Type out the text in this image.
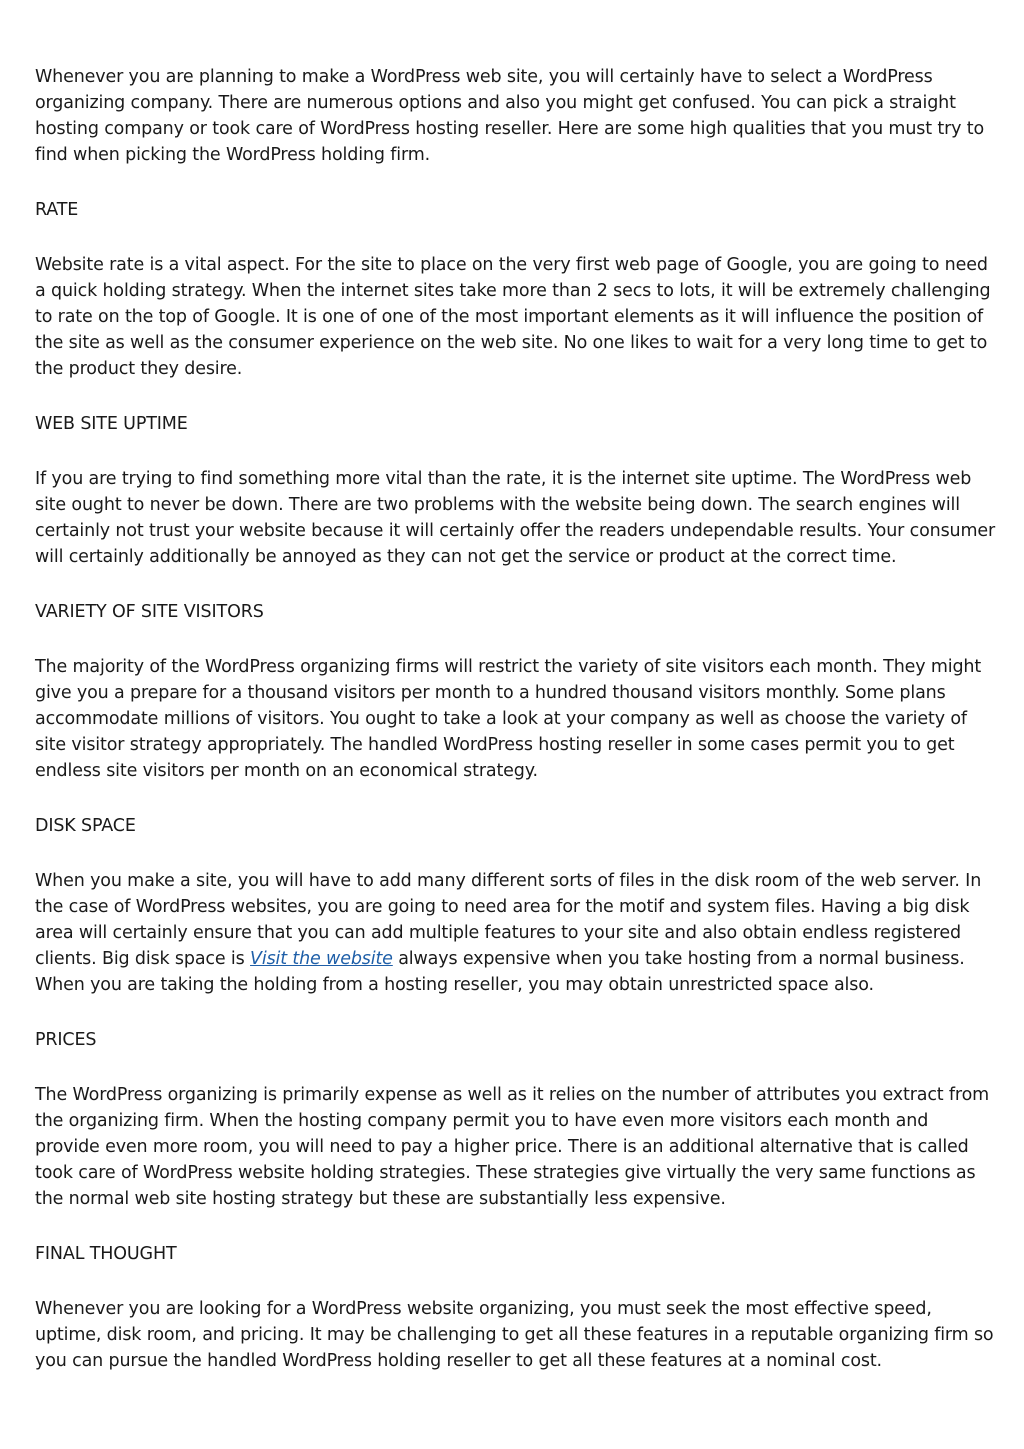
Whenever you are planning to make a WordPress web site, you will certainly have to select a WordPress organizing company. There are numerous options and also you might get confused. You can pick a straight hosting company or took care of WordPress hosting reseller. Here are some high qualities that you must try to find when picking the WordPress holding firm.

RATE

Website rate is a vital aspect. For the site to place on the very first web page of Google, you are going to need a quick holding strategy. When the internet sites take more than 2 secs to lots, it will be extremely challenging to rate on the top of Google. It is one of one of the most important elements as it will influence the position of the site as well as the consumer experience on the web site. No one likes to wait for a very long time to get to the product they desire.

WEB SITE UPTIME

If you are trying to find something more vital than the rate, it is the internet site uptime. The WordPress web site ought to never be down. There are two problems with the website being down. The search engines will certainly not trust your website because it will certainly offer the readers undependable results. Your consumer will certainly additionally be annoyed as they can not get the service or product at the correct time.

VARIETY OF SITE VISITORS

The majority of the WordPress organizing firms will restrict the variety of site visitors each month. They might give you a prepare for a thousand visitors per month to a hundred thousand visitors monthly. Some plans accommodate millions of visitors. You ought to take a look at your company as well as choose the variety of site visitor strategy appropriately. The handled WordPress hosting reseller in some cases permit you to get endless site visitors per month on an economical strategy.

DISK SPACE

When you make a site, you will have to add many different sorts of files in the disk room of the web server. In the case of WordPress websites, you are going to need area for the motif and system files. Having a big disk area will certainly ensure that you can add multiple features to your site and also obtain endless registered clients. Big disk space is Visit the website always expensive when you take hosting from a normal business. When you are taking the holding from a hosting reseller, you may obtain unrestricted space also.

PRICES

The WordPress organizing is primarily expense as well as it relies on the number of attributes you extract from the organizing firm. When the hosting company permit you to have even more visitors each month and provide even more room, you will need to pay a higher price. There is an additional alternative that is called took care of WordPress website holding strategies. These strategies give virtually the very same functions as the normal web site hosting strategy but these are substantially less expensive.

FINAL THOUGHT

Whenever you are looking for a WordPress website organizing, you must seek the most effective speed, uptime, disk room, and pricing. It may be challenging to get all these features in a reputable organizing firm so you can pursue the handled WordPress holding reseller to get all these features at a nominal cost.
